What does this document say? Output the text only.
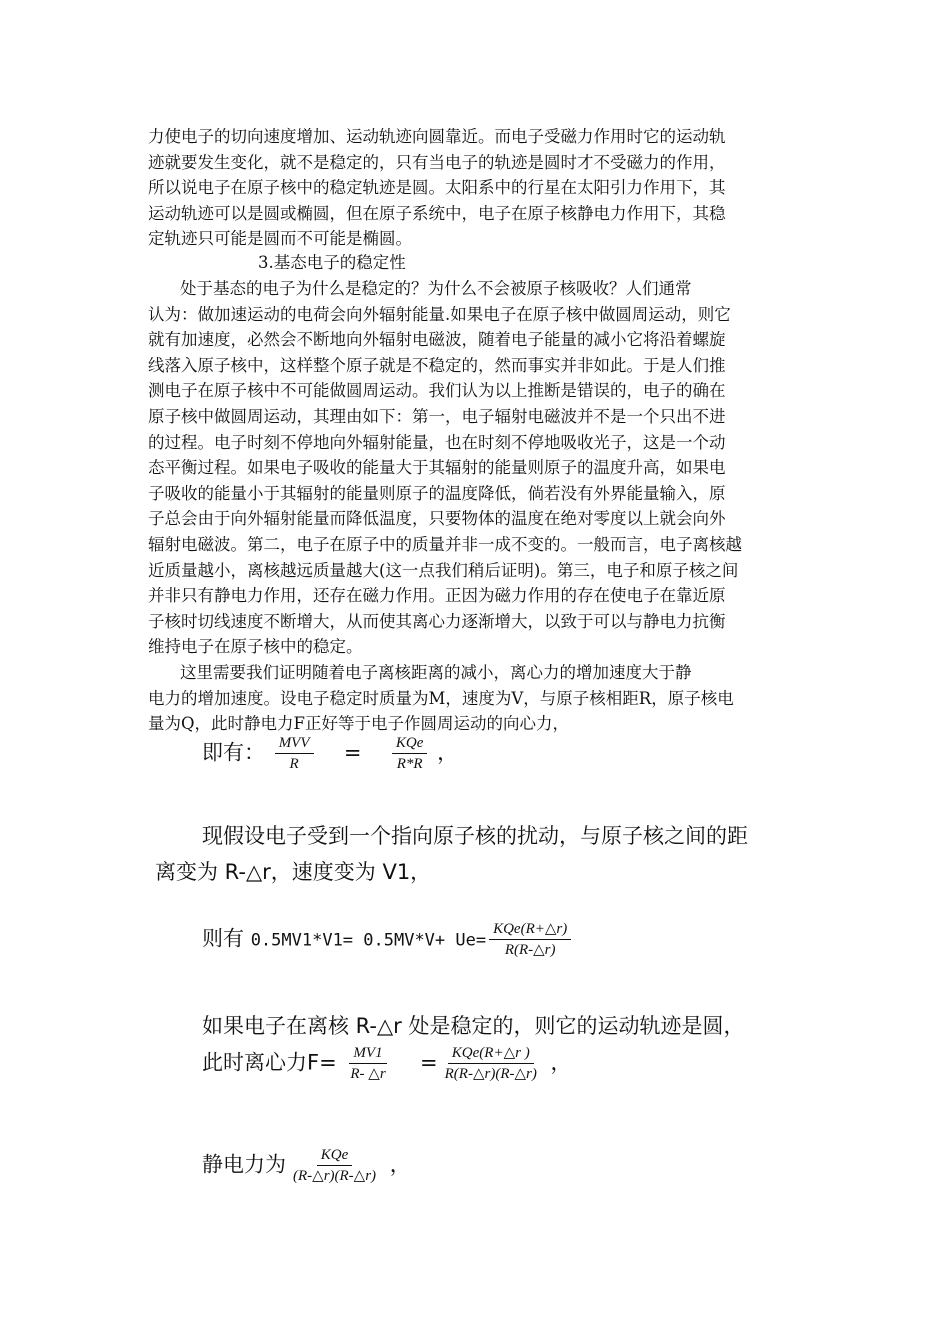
力使电子的切向速度增加、运动轨迹向圆靠近。而电子受磁力作用时它的运动轨
迹就要发生变化，就不是稳定的，只有当电子的轨迹是圆时才不受磁力的作用，
所以说电子在原子核中的稳定轨迹是圆。太阳系中的行星在太阳引力作用下，其
运动轨迹可以是圆或椭圆，但在原子系统中，电子在原子核静电力作用下，其稳
定轨迹只可能是圆而不可能是椭圆。
3.基态电子的稳定性
处于基态的电子为什么是稳定的？为什么不会被原子核吸收？人们通常
认为：做加速运动的电荷会向外辐射能量.如果电子在原子核中做圆周运动，则它
就有加速度，必然会不断地向外辐射电磁波，随着电子能量的减小它将沿着螺旋
线落入原子核中，这样整个原子就是不稳定的，然而事实并非如此。于是人们推
测电子在原子核中不可能做圆周运动。我们认为以上推断是错误的，电子的确在
原子核中做圆周运动，其理由如下：第一，电子辐射电磁波并不是一个只出不进
的过程。电子时刻不停地向外辐射能量，也在时刻不停地吸收光子，这是一个动
态平衡过程。如果电子吸收的能量大于其辐射的能量则原子的温度升高，如果电
子吸收的能量小于其辐射的能量则原子的温度降低，倘若没有外界能量输入，原
子总会由于向外辐射能量而降低温度，只要物体的温度在绝对零度以上就会向外
辐射电磁波。第二，电子在原子中的质量并非一成不变的。一般而言，电子离核越
近质量越小，离核越远质量越大(这一点我们稍后证明)。第三，电子和原子核之间
并非只有静电力作用，还存在磁力作用。正因为磁力作用的存在使电子在靠近原
子核时切线速度不断增大，从而使其离心力逐渐增大，以致于可以与静电力抗衡
维持电子在原子核中的稳定。
这里需要我们证明随着电子离核距离的减小，离心力的增加速度大于静
电力的增加速度。设电子稳定时质量为M，速度为V，与原子核相距R，原子核电
量为Q，此时静电力F正好等于电子作圆周运动的向心力，
即有： $\frac{\text{MVV}}{R} = \frac{\text{KQe}}{R*R}$ ，
现假设电子受到一个指向原子核的扰动，与原子核之间的距
离变为 R-△r，速度变为 V1，
则有 $0.5MV1*V1= 0.5MV*V+ Ue= \frac{\text{KQe(R+△r)}}{R(R-\triangle r)}$
如果电子在离核 R-△r 处是稳定的，则它的运动轨迹是圆，
此时离心力$F= \frac{MV1}{R- \triangle r} = \frac{\text{KQe(R+△r )}}{R(R-\triangle r)(R-\triangle r)}$ ，
静电力为 $\frac{\text{KQe}}{(R-\triangle r)(R-\triangle r)}$ ，
